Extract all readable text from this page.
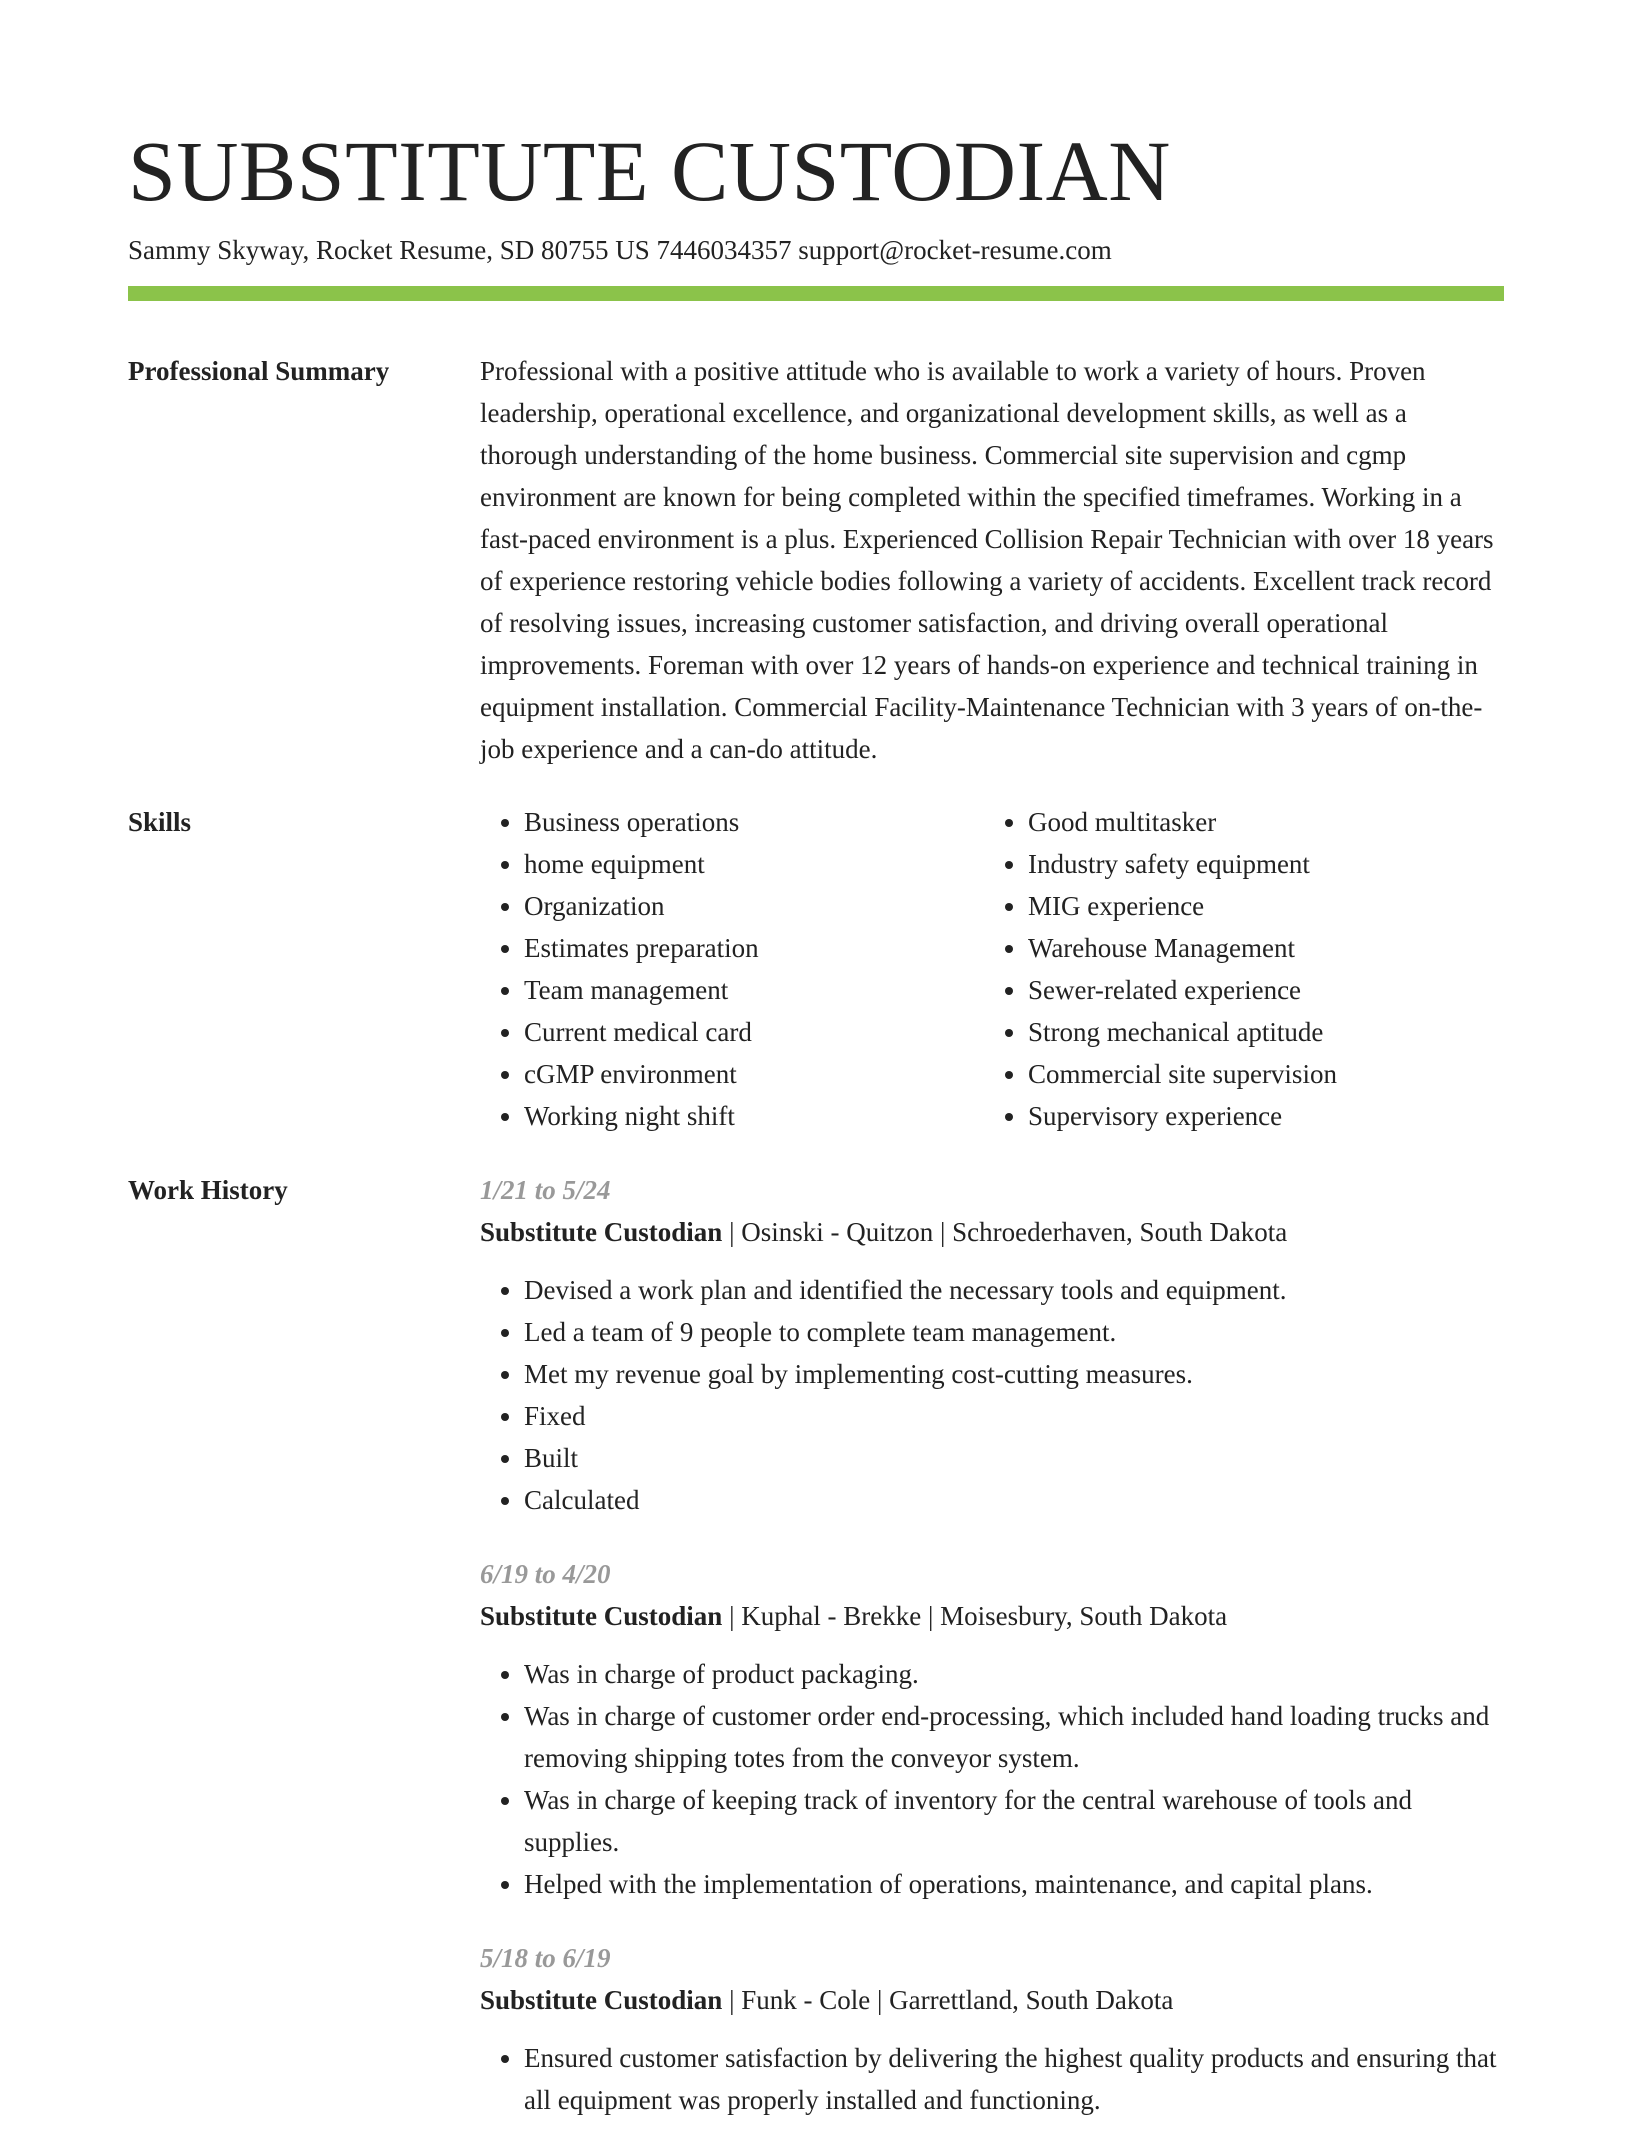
SUBSTITUTE CUSTODIAN
Sammy Skyway, Rocket Resume, SD 80755 US 7446034357 support@rocket-resume.com
Professional Summary	Professional with a positive attitude who is available to work a variety of hours. Proven leadership, operational excellence, and organizational development skills, as well as a thorough understanding of the home business. Commercial site supervision and cgmp environment are known for being completed within the specified timeframes. Working in a fast-paced environment is a plus. Experienced Collision Repair Technician with over 18 years of experience restoring vehicle bodies following a variety of accidents. Excellent track record of resolving issues, increasing customer satisfaction, and driving overall operational improvements. Foreman with over 12 years of hands-on experience and technical training in equipment installation. Commercial Facility-Maintenance Technician with 3 years of on-the-job experience and a can-do attitude.

Skills
•	Business operations
• home equipment
• Organization
• Estimates preparation
• Team management
• Current medical card
• cGMP environment
• Working night shift
• Good multitasker
• Industry safety equipment
• MIG experience
• Warehouse Management
• Sewer-related experience
• Strong mechanical aptitude
• Commercial site supervision
• Supervisory experience
Work History	1/21 to 5/24
Substitute Custodian | Osinski - Quitzon | Schroederhaven, South Dakota
• Devised a work plan and identified the necessary tools and equipment.
• Led a team of 9 people to complete team management.
• Met my revenue goal by implementing cost-cutting measures.
• Fixed
• Built
• Calculated
6/19 to 4/20
Substitute Custodian | Kuphal - Brekke | Moisesbury, South Dakota
• Was in charge of product packaging.
• Was in charge of customer order end-processing, which included hand loading trucks and removing shipping totes from the conveyor system.
• Was in charge of keeping track of inventory for the central warehouse of tools and supplies.
• Helped with the implementation of operations, maintenance, and capital plans.
5/18 to 6/19
Substitute Custodian | Funk - Cole | Garrettland, South Dakota
• Ensured customer satisfaction by delivering the highest quality products and ensuring that all equipment was properly installed and functioning.
